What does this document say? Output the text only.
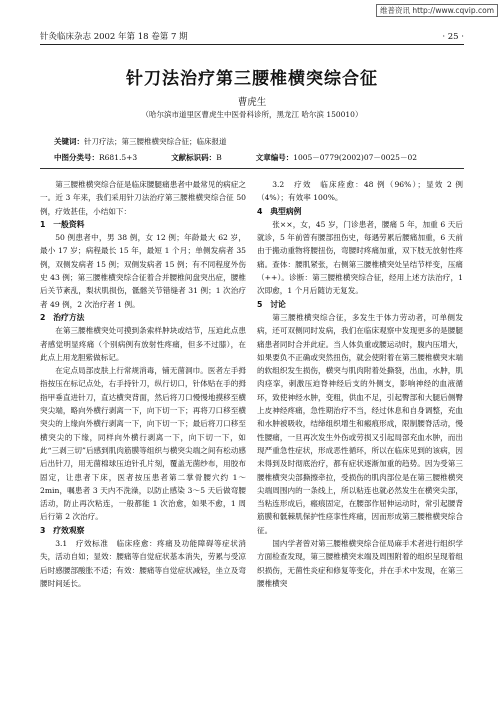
维普资讯 http://www.cqvip.com
针灸临床杂志 2002 年第 18 卷第 7 期	· 25 ·
针刀法治疗第三腰椎横突综合征
曹虎生
（哈尔滨市道里区曹虎生中医骨科诊所，黑龙江 哈尔滨 150010）
关键词：针刀疗法；第三腰椎横突综合征；临床报道
中图分类号：R681.5+3	文献标识码：B	文章编号：1005－0779(2002)07－0025－02

第三腰椎横突综合征是临床腰腿痛患者中最常见的病症之一。近 3 年来，我们采用针刀法治疗第三腰椎横突综合征 50 例，疗效甚佳，小结如下：

1　一般资料

50 例患者中，男 38 例，女 12 例；年龄最大 62 岁，最小 17 岁；病程最长 15 年，最短 1 个月；单侧发病者 35 例，双侧发病者 15 例；双侧发病者 15 例；有不同程度外伤史 43 例；第三腰椎横突综合征着合并腰椎间盘突出症，腰椎后关节紊乱，梨状肌损伤，骶髂关节错缝者 31 例；1 次治疗者 49 例，2 次治疗者 1 例。

2　治疗方法

在第三腰椎横突处可摸到条索样肿块或结节，压迫此点患者感觉明显疼痛（个别病例有放射性疼痛，但多不过膝），在此点上用龙胆紫做标记。

在定点局部皮肤上行常规消毒，铺无菌洞巾。医者左手拇指按压在标记点处，右手持针刀，纵行切口，针体贴在手的拇指甲垂直进针刀，直达横突背面，然后将刀口慢慢地摸移至横突尖端，略向外横行剥离一下，向下切一下；再将刀口移至横突尖的上缘向外横行剥离一下，向下切一下；最后将刀口移至横突尖的下缘，同样向外横行剥离一下，向下切一下，如此“三剥三切”后感到肌肉筋膜等组织与横突尖端之间有松动感后出针刀，用无菌棉球压迫针孔片刻，覆盖无菌纱布，用胶布固定，让患者下床，医者按压患者第二掌骨腰穴约 1～2min，嘱患者 3 天内不洗澡，以防止感染 3～5 天后做弯腰活动，防止再次粘连，一般都能 1 次治愈，如果不愈，1 周后行第 2 次治疗。

3　疗效观察

3.1　疗效标准　临床痊愈：疼痛及功能障碍等症状消失，活动自如；显效：腰痛等自觉症状基本消失，劳累与受凉后时感腰部酸胀不适；有效：腰痛等自觉症状减轻，坐立及弯腰时间延长。

3.2　疗效　临床痊愈：48 例（96%）；显效 2 例（4%）；有效率 100%。

4　典型病例

张××，女，45 岁，门诊患者，腰痛 5 年，加重 6 天后就诊，5 年前曾有腰部扭伤史，每遇劳累后腰痛加重，6 天前由于搬动重物将腰扭伤，弯腰时疼痛加重，双下肢无放射性疼痛。查体：腰肌紧张，右侧第三腰椎横突处呈结节样变，压痛（++）。诊断：第三腰椎横突综合征，经用上述方法治疗，1 次即愈，1 个月后随访无复发。

5　讨论

第三腰椎横突综合征，多发生于体力劳动者，可单侧发病，还可双侧同时发病，我们在临床观察中发现更多的是腰腿痛患者同时合并此症。当人体负重或腰运动时，腹内压增大，如果要负不正确或突然扭伤，就会使附着在第三腰椎横突末端的软组织发生损伤，横突与肌肉附着处撕裂，出血，水肿，肌肉痉挛，刺激压迫脊神经后支的外侧支，影响神经的血液循环，致使神经水肿，变粗，供血不足，引起臀部和大腿后侧臀上皮神经疼痛，急性期治疗不当，经过休息和自身调整，充血和水肿被吸收，结缔组织增生和瘢痕形成，限制腰脊活动，慢性腰痛，一旦再次发生外伤或劳损又引起局部充血水肿，而出现严重急性症状，形成恶性循环，所以在临床见到的该病，因未得到及时彻底治疗，都有症状逐渐加重的趋势。因为受第三腰椎横突尖部撕擦牵拉，受损伤的肌肉部位是在第三腰椎横突尖端周围内的一条线上，所以粘连也就必然发生在横突尖部，当粘连形成后，瘢痕固定，在腰部作屈伸运动时，常引起腰背筋膜和骶棘肌保护性痉挛性疼痛，因而形成第三腰椎横突综合征。

国内学者曾对第三腰椎横突综合征局麻手术者进行组织学方面检查发现，第三腰椎横突末端及周围附着的组织呈现着组织损伤，无菌性炎症和修复等变化，并在手术中发现，在第三腰椎横突
